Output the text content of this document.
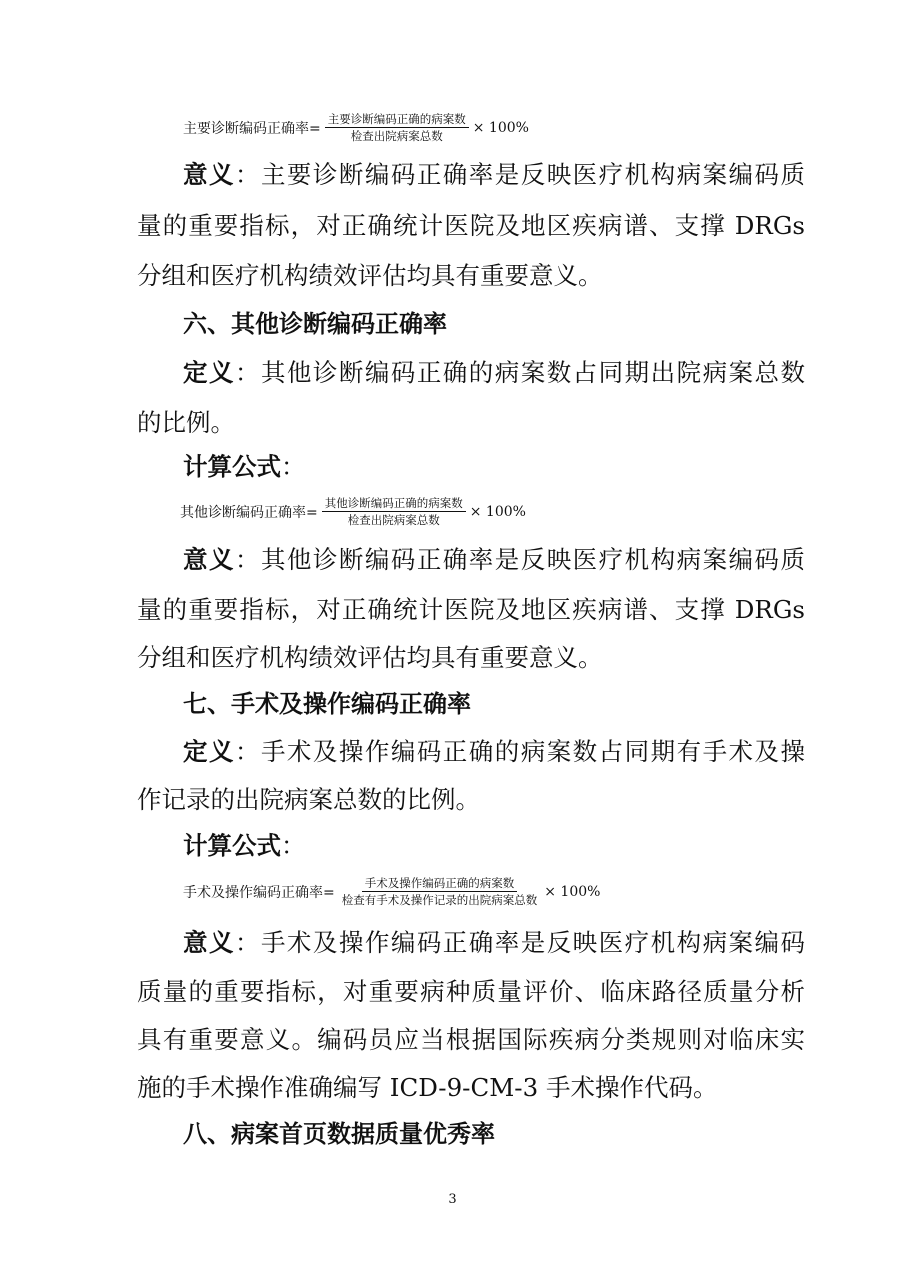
主要诊断编码正确率= $\frac{\text{主要诊断编码正确的病案数}}{\text{检查出院病案总数}} \times 100\%$
意义：主要诊断编码正确率是反映医疗机构病案编码质
量的重要指标，对正确统计医院及地区疾病谱、支撑 DRGs
分组和医疗机构绩效评估均具有重要意义。
六、其他诊断编码正确率
定义：其他诊断编码正确的病案数占同期出院病案总数
的比例。
计算公式：
其他诊断编码正确率= $\frac{\text{其他诊断编码正确的病案数}}{\text{检查出院病案总数}} \times 100\%$
意义：其他诊断编码正确率是反映医疗机构病案编码质
量的重要指标，对正确统计医院及地区疾病谱、支撑 DRGs
分组和医疗机构绩效评估均具有重要意义。
七、手术及操作编码正确率
定义：手术及操作编码正确的病案数占同期有手术及操
作记录的出院病案总数的比例。
计算公式：
手术及操作编码正确率= $\frac{\text{手术及操作编码正确的病案数}}{\text{检查有手术及操作记录的出院病案总数}} \times 100\%$
意义：手术及操作编码正确率是反映医疗机构病案编码
质量的重要指标，对重要病种质量评价、临床路径质量分析
具有重要意义。编码员应当根据国际疾病分类规则对临床实
施的手术操作准确编写 ICD-9-CM-3 手术操作代码。
八、病案首页数据质量优秀率
3
